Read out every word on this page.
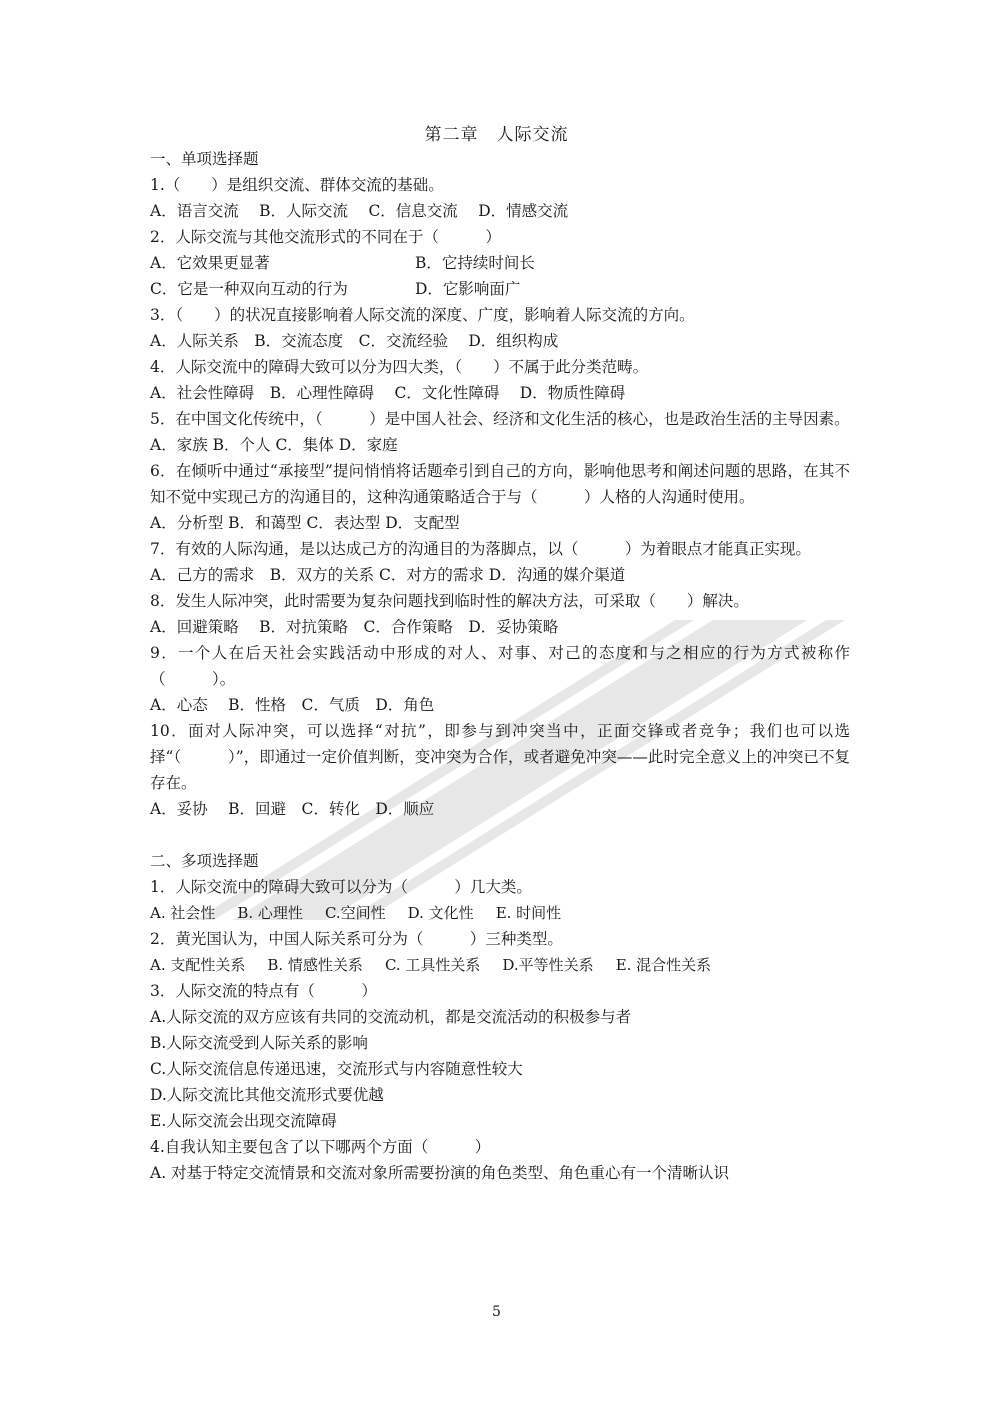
第二章　人际交流
一、单项选择题
1.（　　）是组织交流、群体交流的基础。
A．语言交流　 B．人际交流　 C．信息交流　 D．情感交流
2．人际交流与其他交流形式的不同在于（　　　）
A．它效果更显著	B．它持续时间长
C．它是一种双向互动的行为	D．它影响面广
3．（　　）的状况直接影响着人际交流的深度、广度，影响着人际交流的方向。
A．人际关系　B．交流态度　C．交流经验　 D．组织构成
4．人际交流中的障碍大致可以分为四大类，（　　）不属于此分类范畴。
A．社会性障碍　B．心理性障碍　 C．文化性障碍　 D．物质性障碍
5．在中国文化传统中，（　　　）是中国人社会、经济和文化生活的核心，也是政治生活的主导因素。
A．家族 B．个人 C．集体 D．家庭
6．在倾听中通过“承接型”提问悄悄将话题牵引到自己的方向，影响他思考和阐述问题的思路，在其不知不觉中实现己方的沟通目的，这种沟通策略适合于与（　　　）人格的人沟通时使用。
A．分析型 B．和蔼型 C．表达型 D．支配型
7．有效的人际沟通，是以达成己方的沟通目的为落脚点，以（　　　）为着眼点才能真正实现。
A．己方的需求　B．双方的关系 C．对方的需求 D．沟通的媒介渠道
8．发生人际冲突，此时需要为复杂问题找到临时性的解决方法，可采取（　　）解决。
A．回避策略　 B．对抗策略　C．合作策略　D．妥协策略
9．一个人在后天社会实践活动中形成的对人、对事、对己的态度和与之相应的行为方式被称作（　　　）。
A．心态　 B．性格　C．气质　D．角色
10．面对人际冲突，可以选择“对抗”，即参与到冲突当中，正面交锋或者竞争；我们也可以选择“（　　　）”，即通过一定价值判断，变冲突为合作，或者避免冲突——此时完全意义上的冲突已不复存在。
A．妥协　 B．回避　C．转化　D．顺应
二、多项选择题
1．人际交流中的障碍大致可以分为（　　　）几大类。
A. 社会性 B. 心理性 C.空间性 D. 文化性 E. 时间性
2．黄光国认为，中国人际关系可分为（　　　）三种类型。
A. 支配性关系 B. 情感性关系 C. 工具性关系 D.平等性关系 E. 混合性关系
3．人际交流的特点有（　　　）
A.人际交流的双方应该有共同的交流动机，都是交流活动的积极参与者
B.人际交流受到人际关系的影响
C.人际交流信息传递迅速，交流形式与内容随意性较大
D.人际交流比其他交流形式要优越
E.人际交流会出现交流障碍
4.自我认知主要包含了以下哪两个方面（　　　）
A. 对基于特定交流情景和交流对象所需要扮演的角色类型、角色重心有一个清晰认识
5
